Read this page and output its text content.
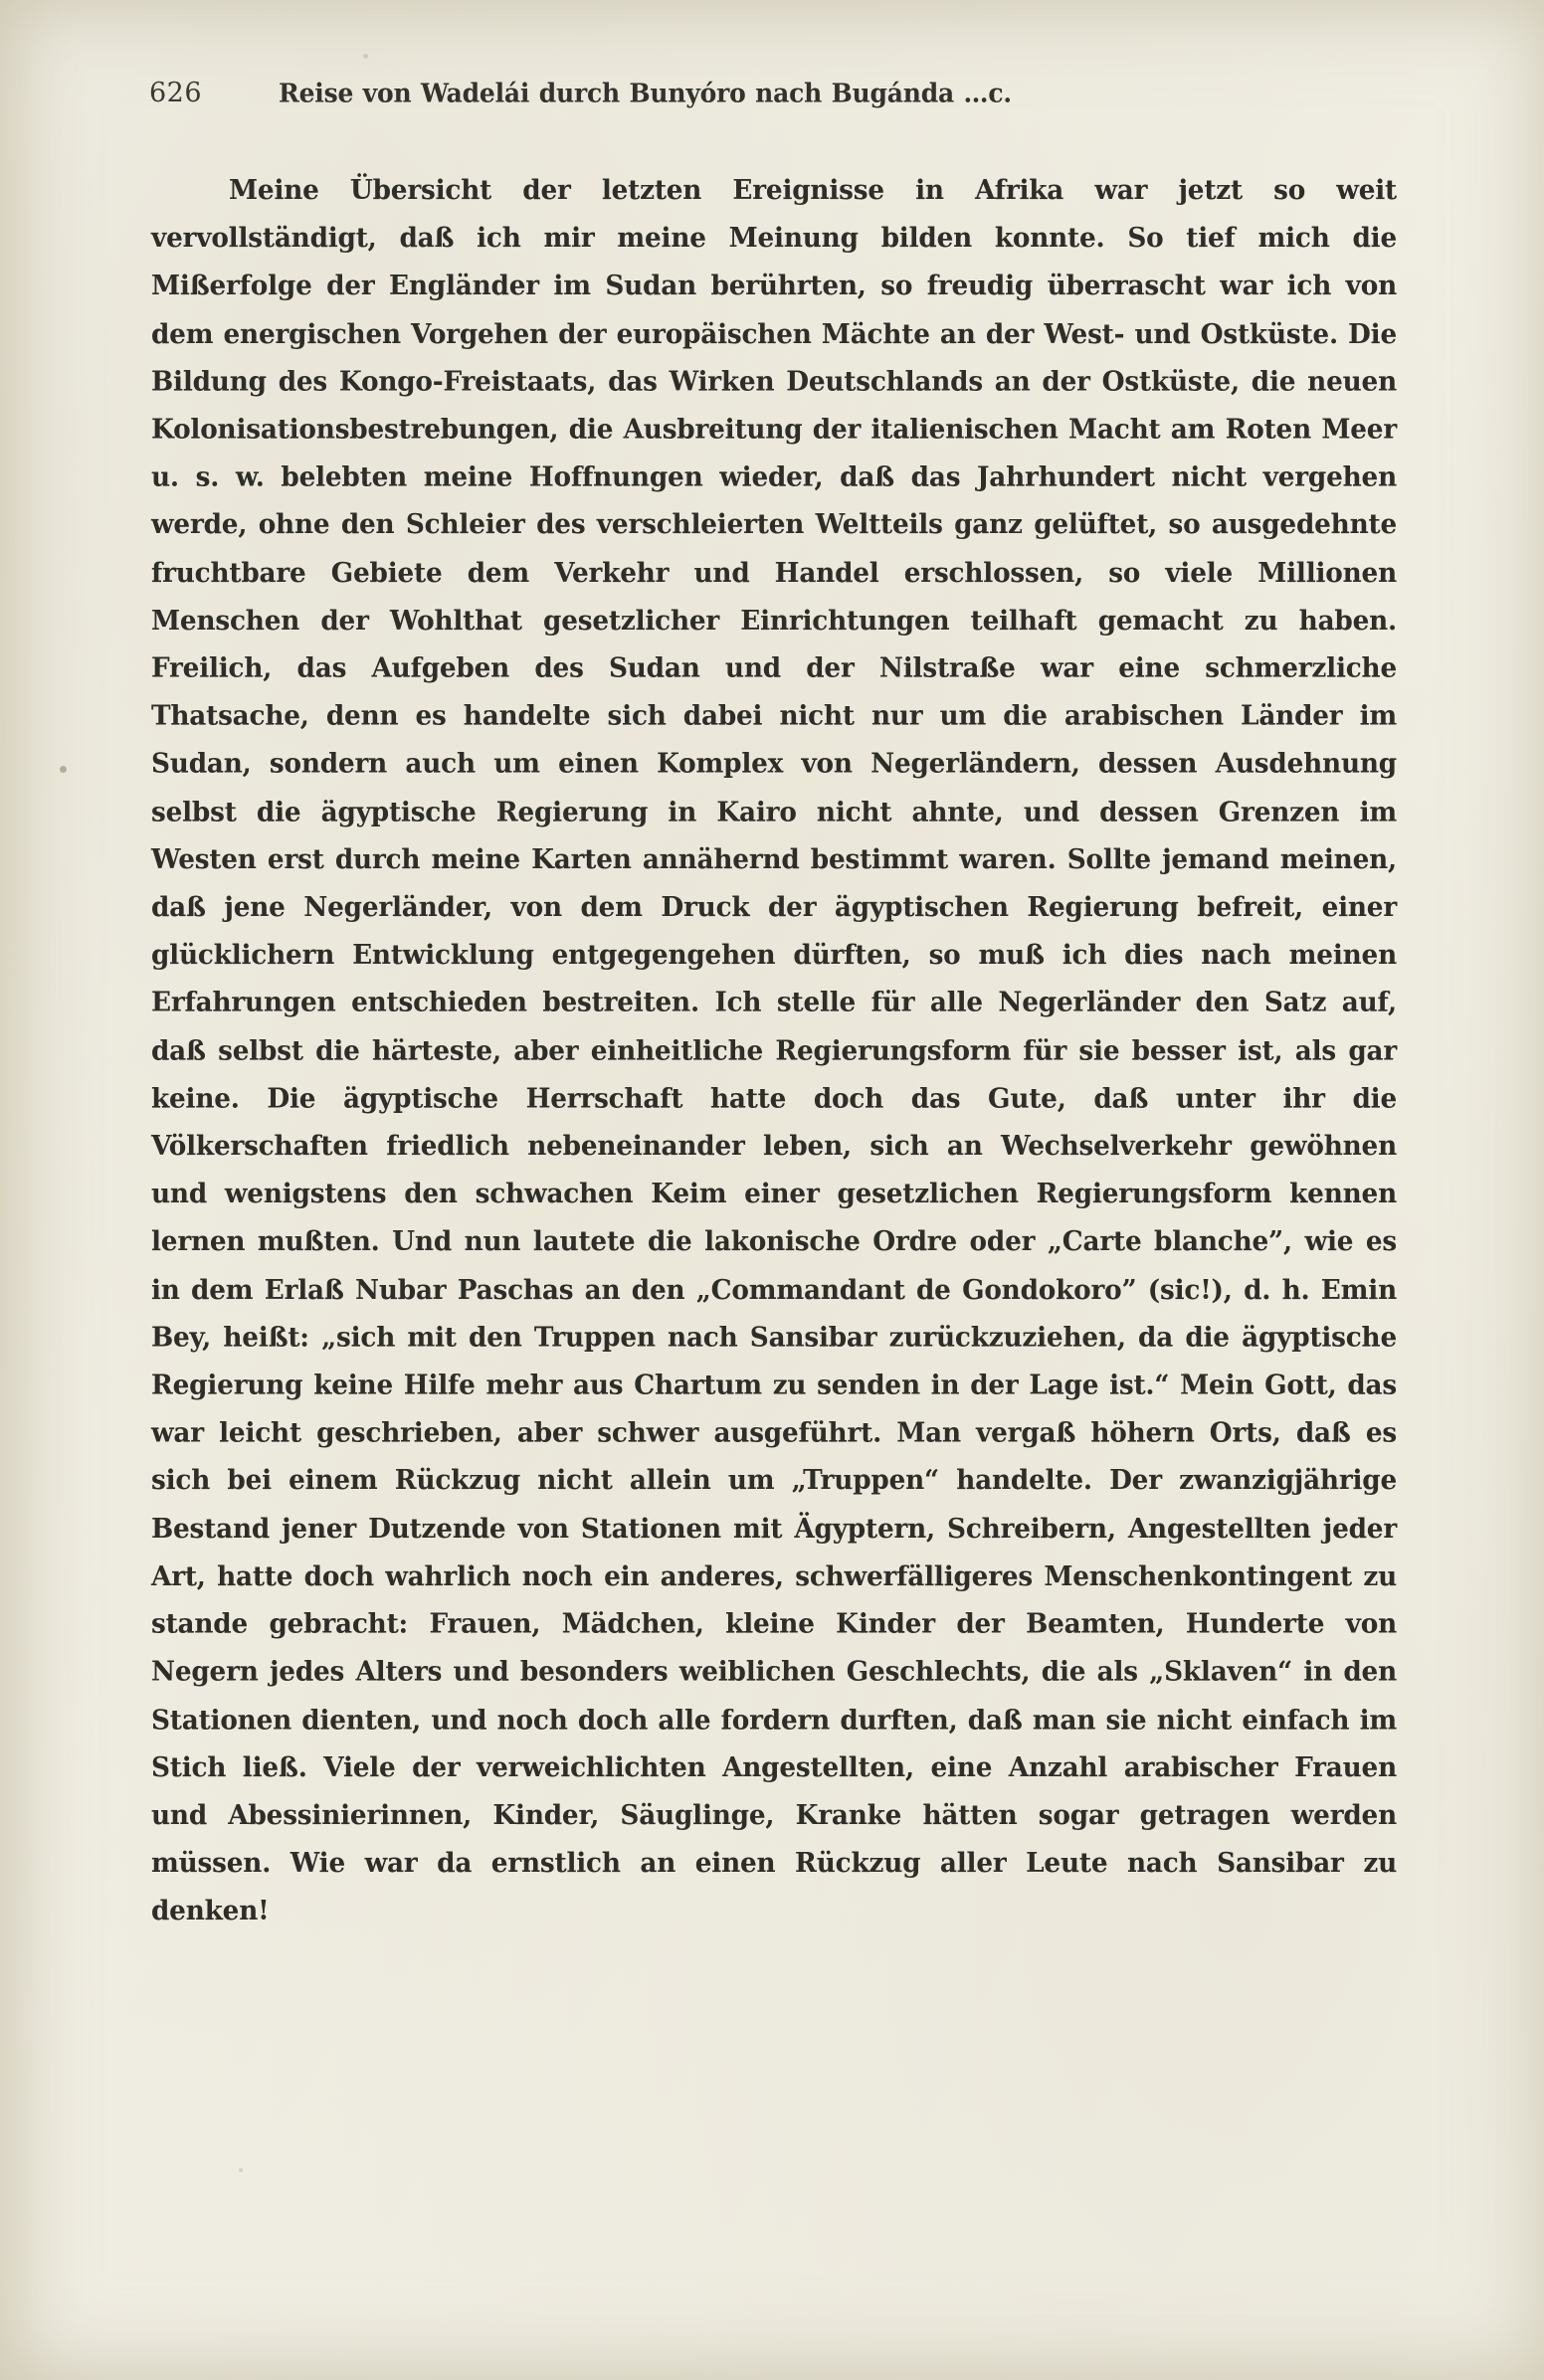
626	Reise von Wadelái durch Bunyóro nach Bugánda …c.

Meine Übersicht der letzten Ereignisse in Afrika war jetzt so weit vervollständigt, daß ich mir meine Meinung bilden konnte. So tief mich die Mißerfolge der Engländer im Sudan berührten, so freudig überrascht war ich von dem energischen Vorgehen der europäischen Mächte an der West- und Ostküste. Die Bildung des Kongo-Freistaats, das Wirken Deutschlands an der Ostküste, die neuen Kolonisationsbestrebungen, die Ausbreitung der italienischen Macht am Roten Meer u. s. w. belebten meine Hoffnungen wieder, daß das Jahrhundert nicht vergehen werde, ohne den Schleier des verschleierten Weltteils ganz gelüftet, so ausgedehnte fruchtbare Gebiete dem Verkehr und Handel erschlossen, so viele Millionen Menschen der Wohlthat gesetzlicher Einrichtungen teilhaft gemacht zu haben. Freilich, das Aufgeben des Sudan und der Nilstraße war eine schmerzliche Thatsache, denn es handelte sich dabei nicht nur um die arabischen Länder im Sudan, sondern auch um einen Komplex von Negerländern, dessen Ausdehnung selbst die ägyptische Regierung in Kairo nicht ahnte, und dessen Grenzen im Westen erst durch meine Karten annähernd bestimmt waren. Sollte jemand meinen, daß jene Negerländer, von dem Druck der ägyptischen Regierung befreit, einer glücklichern Entwicklung entgegengehen dürften, so muß ich dies nach meinen Erfahrungen entschieden bestreiten. Ich stelle für alle Negerländer den Satz auf, daß selbst die härteste, aber einheitliche Regierungsform für sie besser ist, als gar keine. Die ägyptische Herrschaft hatte doch das Gute, daß unter ihr die Völkerschaften friedlich nebeneinander leben, sich an Wechselverkehr gewöhnen und wenigstens den schwachen Keim einer gesetzlichen Regierungsform kennen lernen mußten. Und nun lautete die lakonische Ordre oder „Carte blanche”, wie es in dem Erlaß Nubar Paschas an den „Commandant de Gondokoro” (sic!), d. h. Emin Bey, heißt: „sich mit den Truppen nach Sansibar zurückzuziehen, da die ägyptische Regierung keine Hilfe mehr aus Chartum zu senden in der Lage ist.“ Mein Gott, das war leicht geschrieben, aber schwer ausgeführt. Man vergaß höhern Orts, daß es sich bei einem Rückzug nicht allein um „Truppen“ handelte. Der zwanzigjährige Bestand jener Dutzende von Stationen mit Ägyptern, Schreibern, Angestellten jeder Art, hatte doch wahrlich noch ein anderes, schwerfälligeres Menschenkontingent zu stande gebracht: Frauen, Mädchen, kleine Kinder der Beamten, Hunderte von Negern jedes Alters und besonders weiblichen Geschlechts, die als „Sklaven“ in den Stationen dienten, und noch doch alle fordern durften, daß man sie nicht einfach im Stich ließ. Viele der verweichlichten Angestellten, eine Anzahl arabischer Frauen und Abessinierinnen, Kinder, Säuglinge, Kranke hätten sogar getragen werden müssen. Wie war da ernstlich an einen Rückzug aller Leute nach Sansibar zu denken!
